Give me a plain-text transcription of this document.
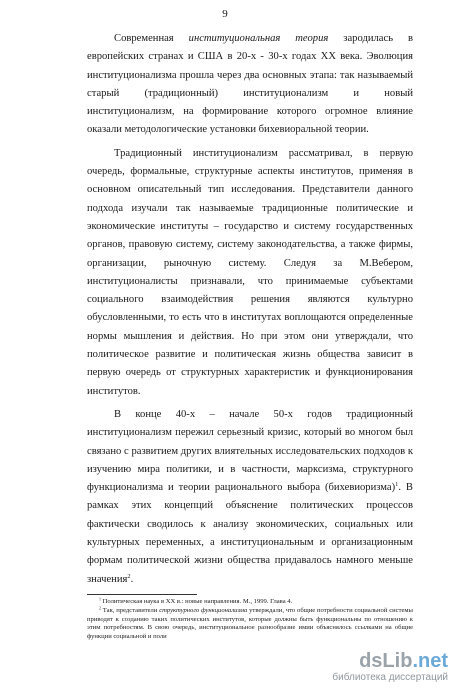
9

Современная институциональная теория зародилась в европейских странах и США в 20-х - 30-х годах XX века. Эволюция институционализма прошла через два основных этапа: так называемый старый (традиционный) институционализм и новый институционализм, на формирование которого огромное влияние оказали методологические установки бихевиоральной теории.

Традиционный институционализм рассматривал, в первую очередь, формальные, структурные аспекты институтов, применяя в основном описательный тип исследования. Представители данного подхода изучали так называемые традиционные политические и экономические институты – государство и систему государственных органов, правовую систему, систему законодательства, а также фирмы, организации, рыночную систему. Следуя за М.Вебером, институционалисты признавали, что принимаемые субъектами социального взаимодействия решения являются культурно обусловленными, то есть что в институтах воплощаются определенные нормы мышления и действия. Но при этом они утверждали, что политическое развитие и политическая жизнь общества зависит в первую очередь от структурных характеристик и функционирования институтов.

В конце 40-х – начале 50-х годов традиционный институционализм пережил серьезный кризис, который во многом был связано с развитием других влиятельных исследовательских подходов к изучению мира политики, и в частности, марксизма, структурного функционализма и теории рационального выбора (бихевиоризма)$^1$. В рамках этих концепций объяснение политических процессов фактически сводилось к анализу экономических, социальных или культурных переменных, а институциональным и организационным формам политической жизни общества придавалось намного меньше значения$^2$.

$^1$ Политическая наука в XX в.: новые направления. М., 1999. Глава 4.

$^2$ Так, представители структурного функционализма утверждали, что общие потребности социальной системы приводят к созданию таких политических институтов, которые должны быть функциональны по отношению к этим потребностям. В свою очередь, институциональное разнообразие имии объяснялось ссылками на общие функции социальной и поли

dsLib.net
библиотека диссертаций
